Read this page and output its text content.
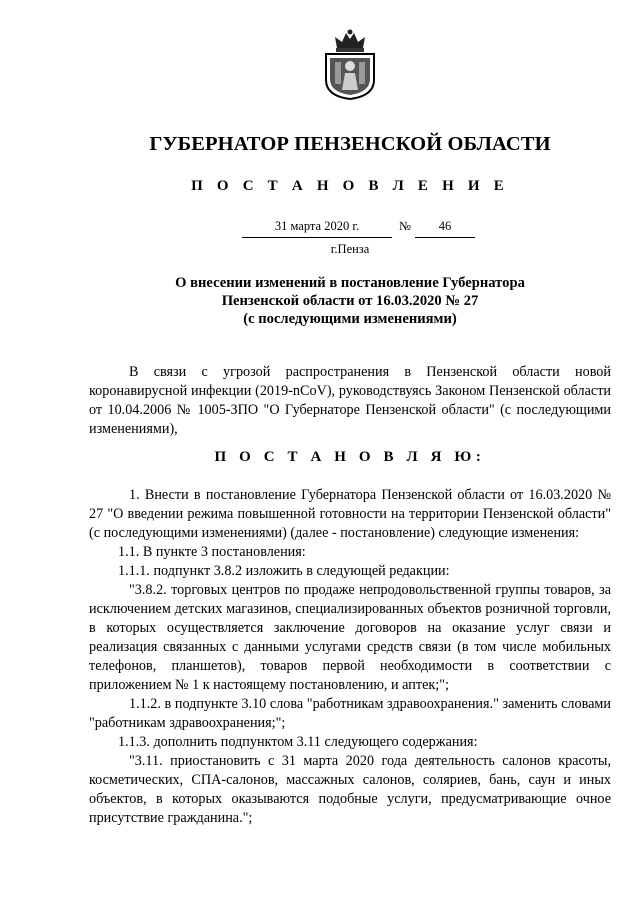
ГУБЕРНАТОР ПЕНЗЕНСКОЙ ОБЛАСТИ
П О С Т А Н О В Л Е Н И Е
31 марта 2020 г.	№	46
г.Пенза
О внесении изменений в постановление Губернатора
Пензенской области от 16.03.2020 № 27
(с последующими изменениями)

В связи с угрозой распространения в Пензенской области новой коронавирусной инфекции (2019-nCoV), руководствуясь Законом Пензенской области от 10.04.2006 № 1005-ЗПО "О Губернаторе Пензенской области" (с последующими изменениями),

П О С Т А Н О В Л Я Ю:

1. Внести в постановление Губернатора Пензенской области от 16.03.2020 № 27 "О введении режима повышенной готовности на территории Пензенской области" (с последующими изменениями) (далее - постановление) следующие изменения:

1.1. В пункте 3 постановления:

1.1.1. подпункт 3.8.2 изложить в следующей редакции:

"3.8.2. торговых центров по продаже непродовольственной группы товаров, за исключением детских магазинов, специализированных объектов розничной торговли, в которых осуществляется заключение договоров на оказание услуг связи и реализация связанных с данными услугами средств связи (в том числе мобильных телефонов, планшетов), товаров первой необходимости в соответствии с приложением № 1 к настоящему постановлению, и аптек;";

1.1.2. в подпункте 3.10 слова "работникам здравоохранения." заменить словами "работникам здравоохранения;";

1.1.3. дополнить подпунктом 3.11 следующего содержания:

"3.11. приостановить с 31 марта 2020 года деятельность салонов красоты, косметических, СПА-салонов, массажных салонов, соляриев, бань, саун и иных объектов, в которых оказываются подобные услуги, предусматривающие очное присутствие гражданина.";
